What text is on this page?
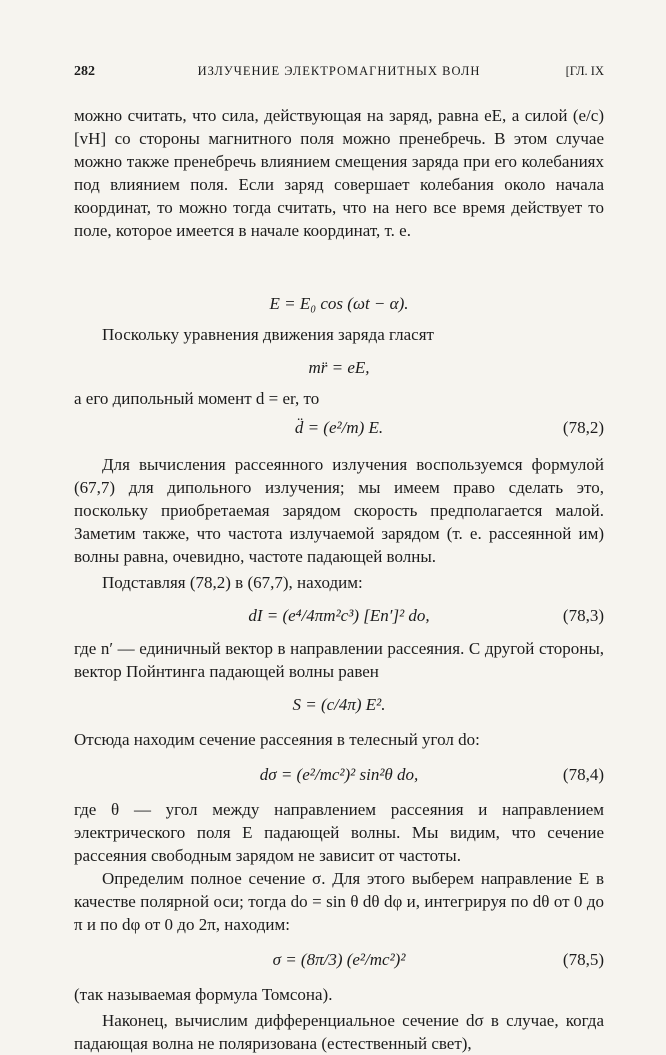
282	ИЗЛУЧЕНИЕ ЭЛЕКТРОМАГНИТНЫХ ВОЛН	[ГЛ. IX

можно считать, что сила, действующая на заряд, равна eE, а силой (e/c)[vH] со стороны магнитного поля можно пренебречь. В этом случае можно также пренебречь влиянием смещения заряда при его колебаниях под влиянием поля. Если заряд совершает колебания около начала координат, то можно тогда считать, что на него все время действует то поле, которое имеется в начале координат, т. е.

E = E₀ cos (ωt − α).

Поскольку уравнения движения заряда гласят

mr̈ = eE,

а его дипольный момент d = er, то

d̈ = (e²/m) E.	(78,2)

Для вычисления рассеянного излучения воспользуемся формулой (67,7) для дипольного излучения; мы имеем право сделать это, поскольку приобретаемая зарядом скорость предполагается малой. Заметим также, что частота излучаемой зарядом (т. е. рассеянной им) волны равна, очевидно, частоте падающей волны.

Подставляя (78,2) в (67,7), находим:

dI = (e⁴/4πm²c³) [En′]² do,	(78,3)

где n′ — единичный вектор в направлении рассеяния. С другой стороны, вектор Пойнтинга падающей волны равен

S = (c/4π) E².

Отсюда находим сечение рассеяния в телесный угол do:

dσ = (e²/mc²)² sin²θ do,	(78,4)

где θ — угол между направлением рассеяния и направлением электрического поля E падающей волны. Мы видим, что сечение рассеяния свободным зарядом не зависит от частоты.

Определим полное сечение σ. Для этого выберем направление E в качестве полярной оси; тогда do = sin θ dθ dφ и, интегрируя по dθ от 0 до π и по dφ от 0 до 2π, находим:

σ = (8π/3) (e²/mc²)²	(78,5)

(так называемая формула Томсона).

Наконец, вычислим дифференциальное сечение dσ в случае, когда падающая волна не поляризована (естественный свет),
